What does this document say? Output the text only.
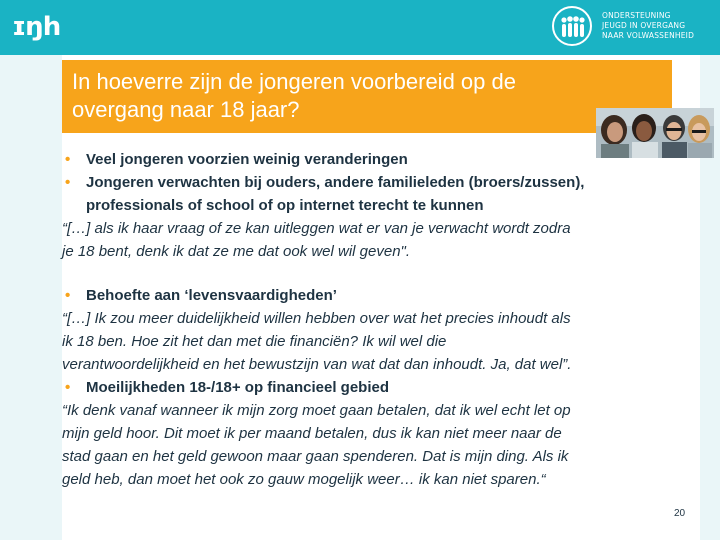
ɪŋh	ONDERSTEUNING
JEUGD IN OVERGANG
NAAR VOLWASSENHEID
In hoeverre zijn de jongeren voorbereid op de
overgang naar 18 jaar?

• Veel jongeren voorzien weinig veranderingen

• Jongeren verwachten bij ouders, andere familieleden (broers/zussen),
professionals of school of op internet terecht te kunnen

“[…] als ik haar vraag of ze kan uitleggen wat er van je verwacht wordt zodra
je 18 bent, denk ik dat ze me dat ook wel wil geven".

• Behoefte aan ‘levensvaardigheden’

“[…] Ik zou meer duidelijkheid willen hebben over wat het precies inhoudt als
ik 18 ben. Hoe zit het dan met die financiën? Ik wil wel die
verantwoordelijkheid en het bewustzijn van wat dat dan inhoudt. Ja, dat wel”.

• Moeilijkheden 18-/18+ op financieel gebied

“Ik denk vanaf wanneer ik mijn zorg moet gaan betalen, dat ik wel echt let op
mijn geld hoor. Dit moet ik per maand betalen, dus ik kan niet meer naar de
stad gaan en het geld gewoon maar gaan spenderen. Dat is mijn ding. Als ik
geld heb, dan moet het ook zo gauw mogelijk weer… ik kan niet sparen.“

20
